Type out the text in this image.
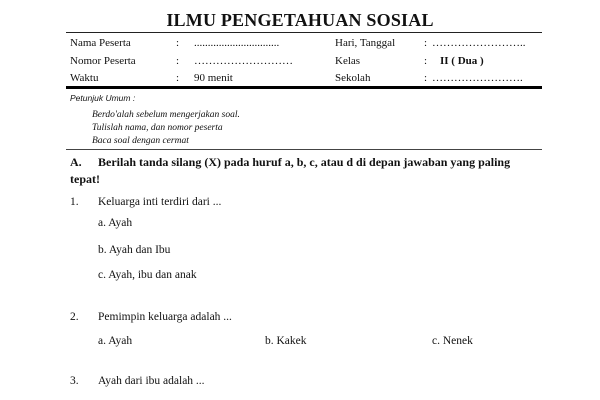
ILMU PENGETAHUAN SOSIAL
Nama Peserta	: ...............................	Hari, Tanggal	: ……………………..
Nomor Peserta	: ………………………	Kelas	: II ( Dua )
Waktu	: 90 menit	Sekolah	: …………………….
Petunjuk Umum :
Berdo'alah sebelum mengerjakan soal.
Tulislah nama, dan nomor peserta
Baca soal dengan cermat
A. Berilah tanda silang (X) pada huruf a, b, c, atau d di depan jawaban yang paling
tepat!
1. Keluarga inti terdiri dari ...
a. Ayah
b. Ayah dan Ibu
c. Ayah, ibu dan anak
2. Pemimpin keluarga adalah ...
a. Ayah	b. Kakek	c. Nenek
3. Ayah dari ibu adalah ...
